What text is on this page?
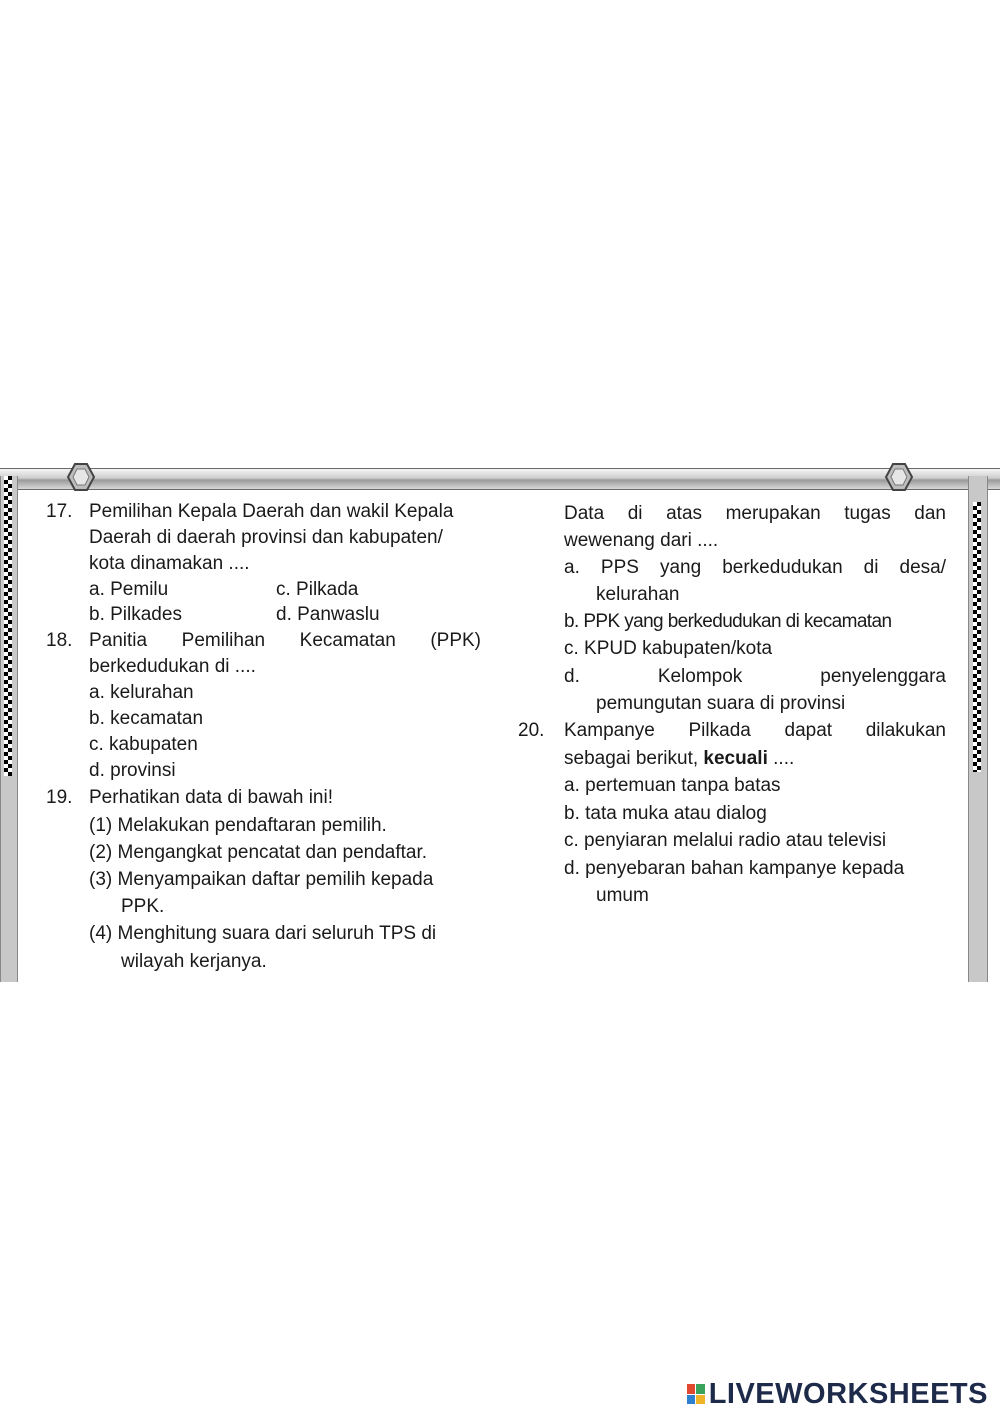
17. Pemilihan Kepala Daerah dan wakil Kepala
Daerah di daerah provinsi dan kabupaten/
kota dinamakan ....
a. Pemilu	c. Pilkada
b. Pilkades	d. Panwaslu
18. Panitia Pemilihan Kecamatan (PPK)
berkedudukan di ....
a. kelurahan
b. kecamatan
c. kabupaten
d. provinsi
19. Perhatikan data di bawah ini!
(1) Melakukan pendaftaran pemilih.
(2) Mengangkat pencatat dan pendaftar.
(3) Menyampaikan daftar pemilih kepada
PPK.
(4) Menghitung suara dari seluruh TPS di
wilayah kerjanya.
Data di atas merupakan tugas dan
wewenang dari ....
a. PPS yang berkedudukan di desa/
kelurahan
b. PPK yang berkedudukan di kecamatan
c. KPUD kabupaten/kota
d. Kelompok penyelenggara
pemungutan suara di provinsi
20. Kampanye Pilkada dapat dilakukan
sebagai berikut, kecuali ....
a. pertemuan tanpa batas
b. tata muka atau dialog
c. penyiaran melalui radio atau televisi
d. penyebaran bahan kampanye kepada
umum
LIVEWORKSHEETS
